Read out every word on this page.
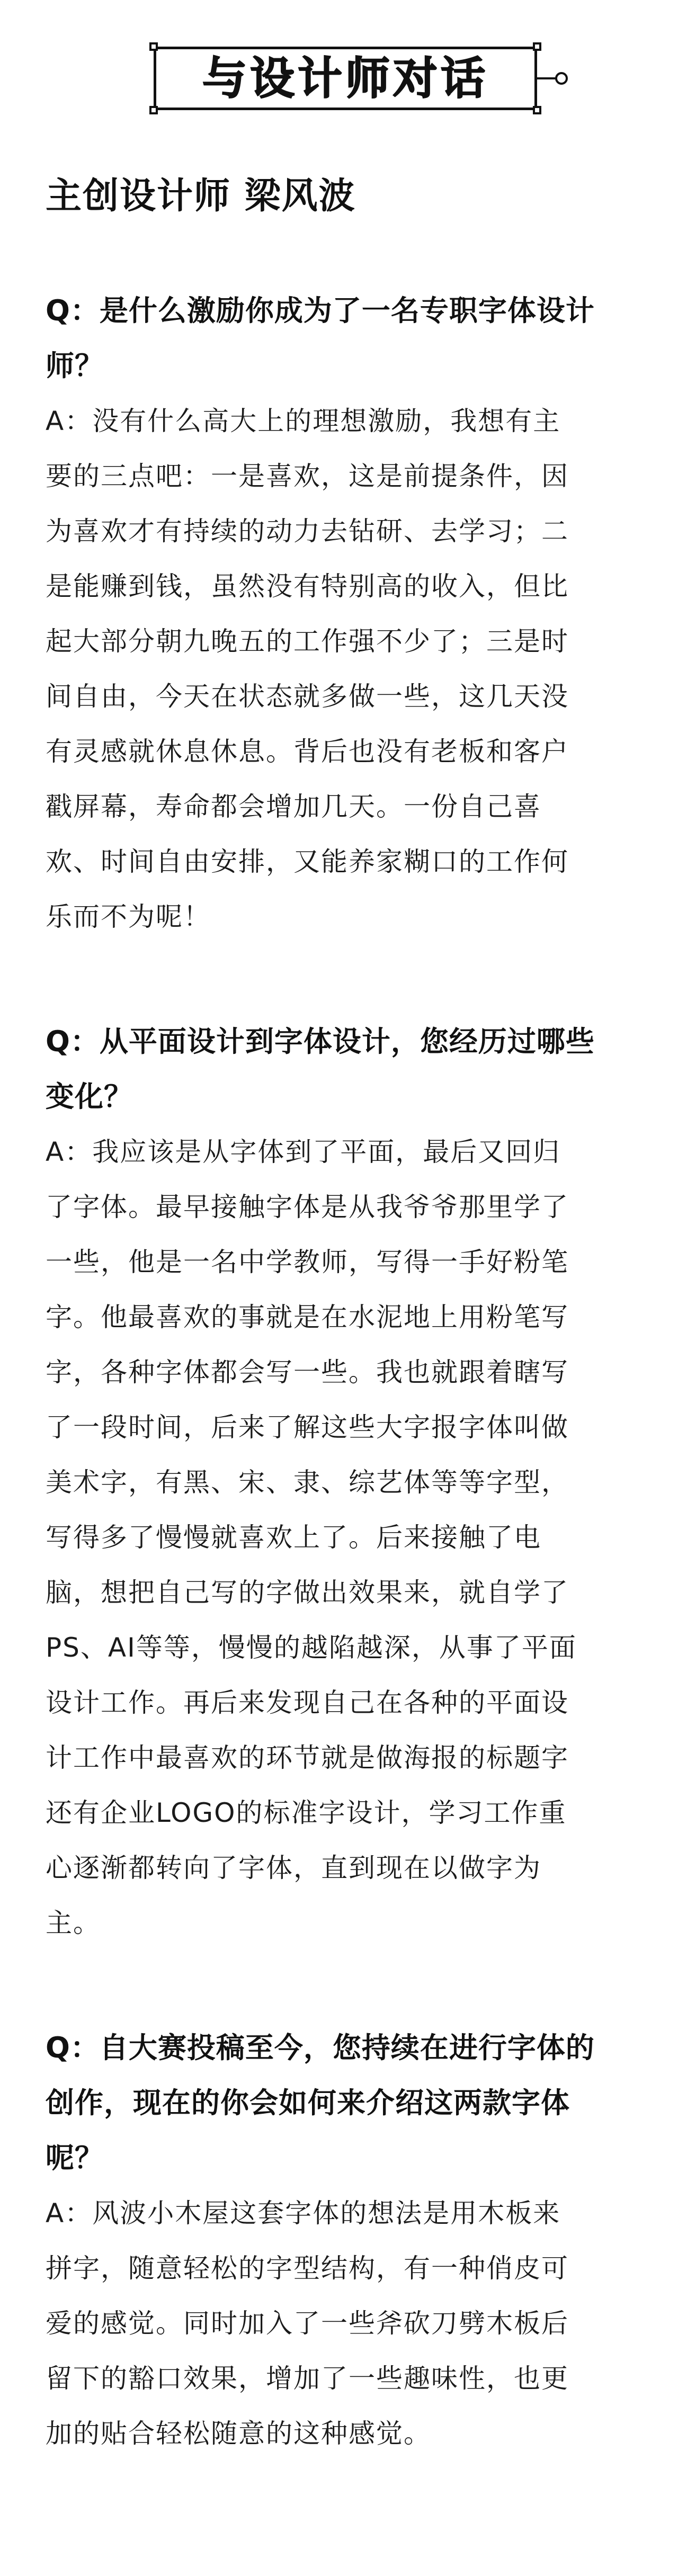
与设计师对话
主创设计师 梁风波

Q：是什么激励你成为了一名专职字体设计
师？

A：没有什么高大上的理想激励，我想有主
要的三点吧：一是喜欢，这是前提条件，因
为喜欢才有持续的动力去钻研、去学习；二
是能赚到钱，虽然没有特别高的收入，但比
起大部分朝九晚五的工作强不少了；三是时
间自由，今天在状态就多做一些，这几天没
有灵感就休息休息。背后也没有老板和客户
戳屏幕，寿命都会增加几天。一份自己喜
欢、时间自由安排，又能养家糊口的工作何
乐而不为呢！

Q：从平面设计到字体设计，您经历过哪些
变化？

A：我应该是从字体到了平面，最后又回归
了字体。最早接触字体是从我爷爷那里学了
一些，他是一名中学教师，写得一手好粉笔
字。他最喜欢的事就是在水泥地上用粉笔写
字，各种字体都会写一些。我也就跟着瞎写
了一段时间，后来了解这些大字报字体叫做
美术字，有黑、宋、隶、综艺体等等字型，
写得多了慢慢就喜欢上了。后来接触了电
脑，想把自己写的字做出效果来，就自学了
PS、AI等等，慢慢的越陷越深，从事了平面
设计工作。再后来发现自己在各种的平面设
计工作中最喜欢的环节就是做海报的标题字
还有企业LOGO的标准字设计，学习工作重
心逐渐都转向了字体，直到现在以做字为
主。

Q：自大赛投稿至今，您持续在进行字体的
创作，现在的你会如何来介绍这两款字体
呢？

A：风波小木屋这套字体的想法是用木板来
拼字，随意轻松的字型结构，有一种俏皮可
爱的感觉。同时加入了一些斧砍刀劈木板后
留下的豁口效果，增加了一些趣味性，也更
加的贴合轻松随意的这种感觉。
